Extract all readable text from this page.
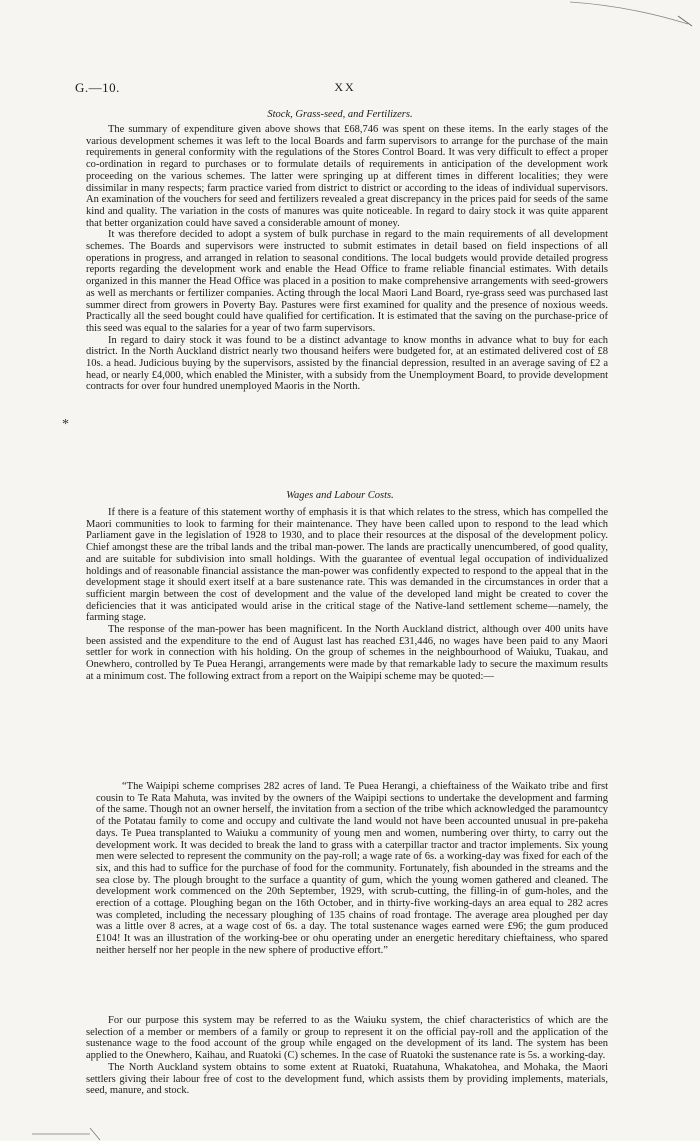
G.—10.	XX
Stock, Grass-seed, and Fertilizers.

The summary of expenditure given above shows that £68,746 was spent on these items. In the early stages of the various development schemes it was left to the local Boards and farm supervisors to arrange for the purchase of the main requirements in general conformity with the regulations of the Stores Control Board. It was very difficult to effect a proper co-ordination in regard to purchases or to formulate details of requirements in anticipation of the development work proceeding on the various schemes. The latter were springing up at different times in different localities; they were dissimilar in many respects; farm practice varied from district to district or according to the ideas of individual supervisors. An examination of the vouchers for seed and fertilizers revealed a great discrepancy in the prices paid for seeds of the same kind and quality. The variation in the costs of manures was quite noticeable. In regard to dairy stock it was quite apparent that better organization could have saved a considerable amount of money.

It was therefore decided to adopt a system of bulk purchase in regard to the main requirements of all development schemes. The Boards and supervisors were instructed to submit estimates in detail based on field inspections of all operations in progress, and arranged in relation to seasonal conditions. The local budgets would provide detailed progress reports regarding the development work and enable the Head Office to frame reliable financial estimates. With details organized in this manner the Head Office was placed in a position to make comprehensive arrangements with seed-growers as well as merchants or fertilizer companies. Acting through the local Maori Land Board, rye-grass seed was purchased last summer direct from growers in Poverty Bay. Pastures were first examined for quality and the presence of noxious weeds. Practically all the seed bought could have qualified for certification. It is estimated that the saving on the purchase-price of this seed was equal to the salaries for a year of two farm supervisors.

In regard to dairy stock it was found to be a distinct advantage to know months in advance what to buy for each district. In the North Auckland district nearly two thousand heifers were budgeted for, at an estimated delivered cost of £8 10s. a head. Judicious buying by the supervisors, assisted by the financial depression, resulted in an average saving of £2 a head, or nearly £4,000, which enabled the Minister, with a subsidy from the Unemployment Board, to provide development contracts for over four hundred unemployed Maoris in the North.

*
Wages and Labour Costs.

If there is a feature of this statement worthy of emphasis it is that which relates to the stress, which has compelled the Maori communities to look to farming for their maintenance. They have been called upon to respond to the lead which Parliament gave in the legislation of 1928 to 1930, and to place their resources at the disposal of the development policy. Chief amongst these are the tribal lands and the tribal man-power. The lands are practically unencumbered, of good quality, and are suitable for subdivision into small holdings. With the guarantee of eventual legal occupation of individualized holdings and of reasonable financial assistance the man-power was confidently expected to respond to the appeal that in the development stage it should exert itself at a bare sustenance rate. This was demanded in the circumstances in order that a sufficient margin between the cost of development and the value of the developed land might be created to cover the deficiencies that it was anticipated would arise in the critical stage of the Native-land settlement scheme—namely, the farming stage.

The response of the man-power has been magnificent. In the North Auckland district, although over 400 units have been assisted and the expenditure to the end of August last has reached £31,446, no wages have been paid to any Maori settler for work in connection with his holding. On the group of schemes in the neighbourhood of Waiuku, Tuakau, and Onewhero, controlled by Te Puea Herangi, arrangements were made by that remarkable lady to secure the maximum results at a minimum cost. The following extract from a report on the Waipipi scheme may be quoted:—

“The Waipipi scheme comprises 282 acres of land. Te Puea Herangi, a chieftainess of the Waikato tribe and first cousin to Te Rata Mahuta, was invited by the owners of the Waipipi sections to undertake the development and farming of the same. Though not an owner herself, the invitation from a section of the tribe which acknowledged the paramountcy of the Potatau family to come and occupy and cultivate the land would not have been accounted unusual in pre-pakeha days. Te Puea transplanted to Waiuku a community of young men and women, numbering over thirty, to carry out the development work. It was decided to break the land to grass with a caterpillar tractor and tractor implements. Six young men were selected to represent the community on the pay-roll; a wage rate of 6s. a working-day was fixed for each of the six, and this had to suffice for the purchase of food for the community. Fortunately, fish abounded in the streams and the sea close by. The plough brought to the surface a quantity of gum, which the young women gathered and cleaned. The development work commenced on the 20th September, 1929, with scrub-cutting, the filling-in of gum-holes, and the erection of a cottage. Ploughing began on the 16th October, and in thirty-five working-days an area equal to 282 acres was completed, including the necessary ploughing of 135 chains of road frontage. The average area ploughed per day was a little over 8 acres, at a wage cost of 6s. a day. The total sustenance wages earned were £96; the gum produced £104! It was an illustration of the working-bee or ohu operating under an energetic hereditary chieftainess, who spared neither herself nor her people in the new sphere of productive effort.”

For our purpose this system may be referred to as the Waiuku system, the chief characteristics of which are the selection of a member or members of a family or group to represent it on the official pay-roll and the application of the sustenance wage to the food account of the group while engaged on the development of its land. The system has been applied to the Onewhero, Kaihau, and Ruatoki (C) schemes. In the case of Ruatoki the sustenance rate is 5s. a working-day.

The North Auckland system obtains to some extent at Ruatoki, Ruatahuna, Whakatohea, and Mohaka, the Maori settlers giving their labour free of cost to the development fund, which assists them by providing implements, materials, seed, manure, and stock.
